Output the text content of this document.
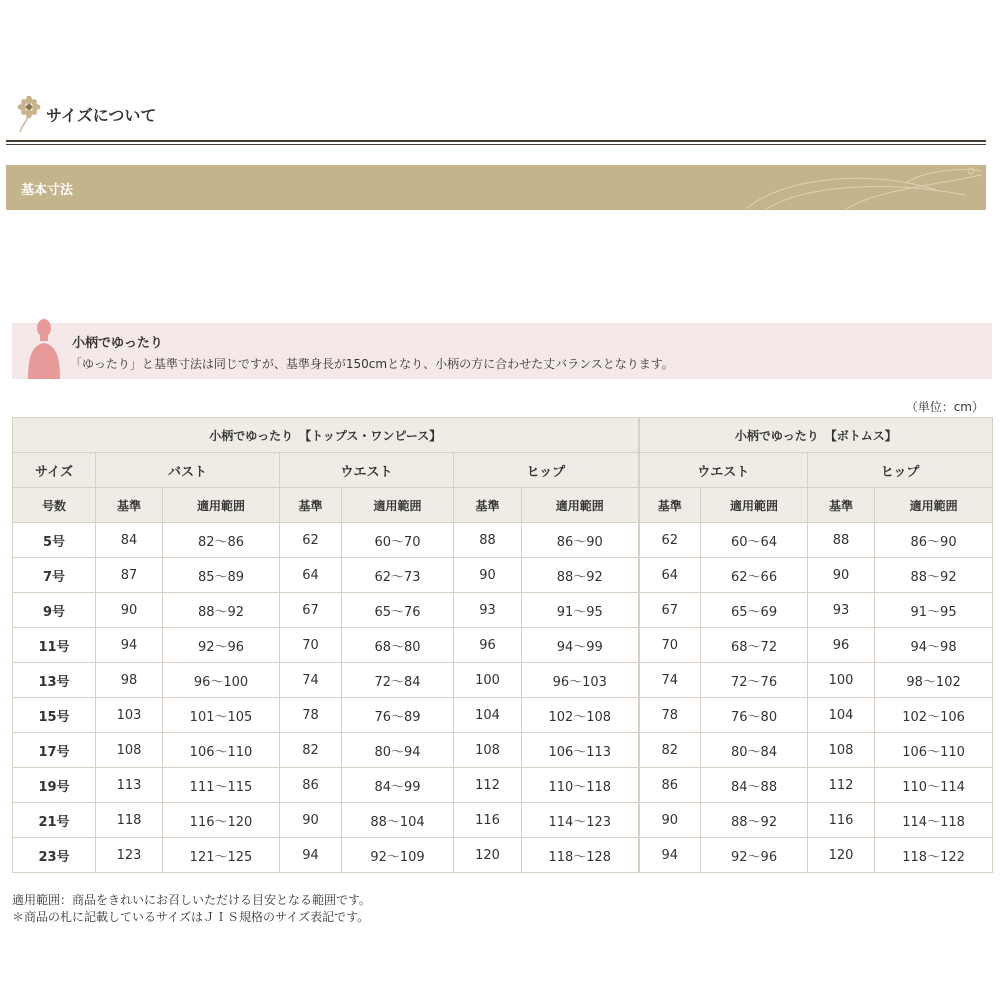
サイズについて
基本寸法
小柄でゆったり
「ゆったり」と基準寸法は同じですが、基準身長が150cmとなり、小柄の方に合わせた丈バランスとなります。
（単位：cm）
小柄でゆったり　【トップス・ワンピース】							小柄でゆったり　【ボトムス】			
サイズ	バスト		ウエスト		ヒップ		ウエスト		ヒップ	
号数	基準	適用範囲	基準	適用範囲	基準	適用範囲	基準	適用範囲	基準	適用範囲
5号	84	82～86	62	60～70	88	86～90	62	60～64	88	86～90
7号	87	85～89	64	62～73	90	88～92	64	62～66	90	88～92
9号	90	88～92	67	65～76	93	91～95	67	65～69	93	91～95
11号	94	92～96	70	68～80	96	94～99	70	68～72	96	94～98
13号	98	96～100	74	72～84	100	96～103	74	72～76	100	98～102
15号	103	101～105	78	76～89	104	102～108	78	76～80	104	102～106
17号	108	106～110	82	80～94	108	106～113	82	80～84	108	106～110
19号	113	111～115	86	84～99	112	110～118	86	84～88	112	110～114
21号	118	116～120	90	88～104	116	114～123	90	88～92	116	114～118
23号	123	121～125	94	92～109	120	118～128	94	92～96	120	118～122
適用範囲：商品をきれいにお召しいただける目安となる範囲です。
＊商品の札に記載しているサイズはＪＩＳ規格のサイズ表記です。
